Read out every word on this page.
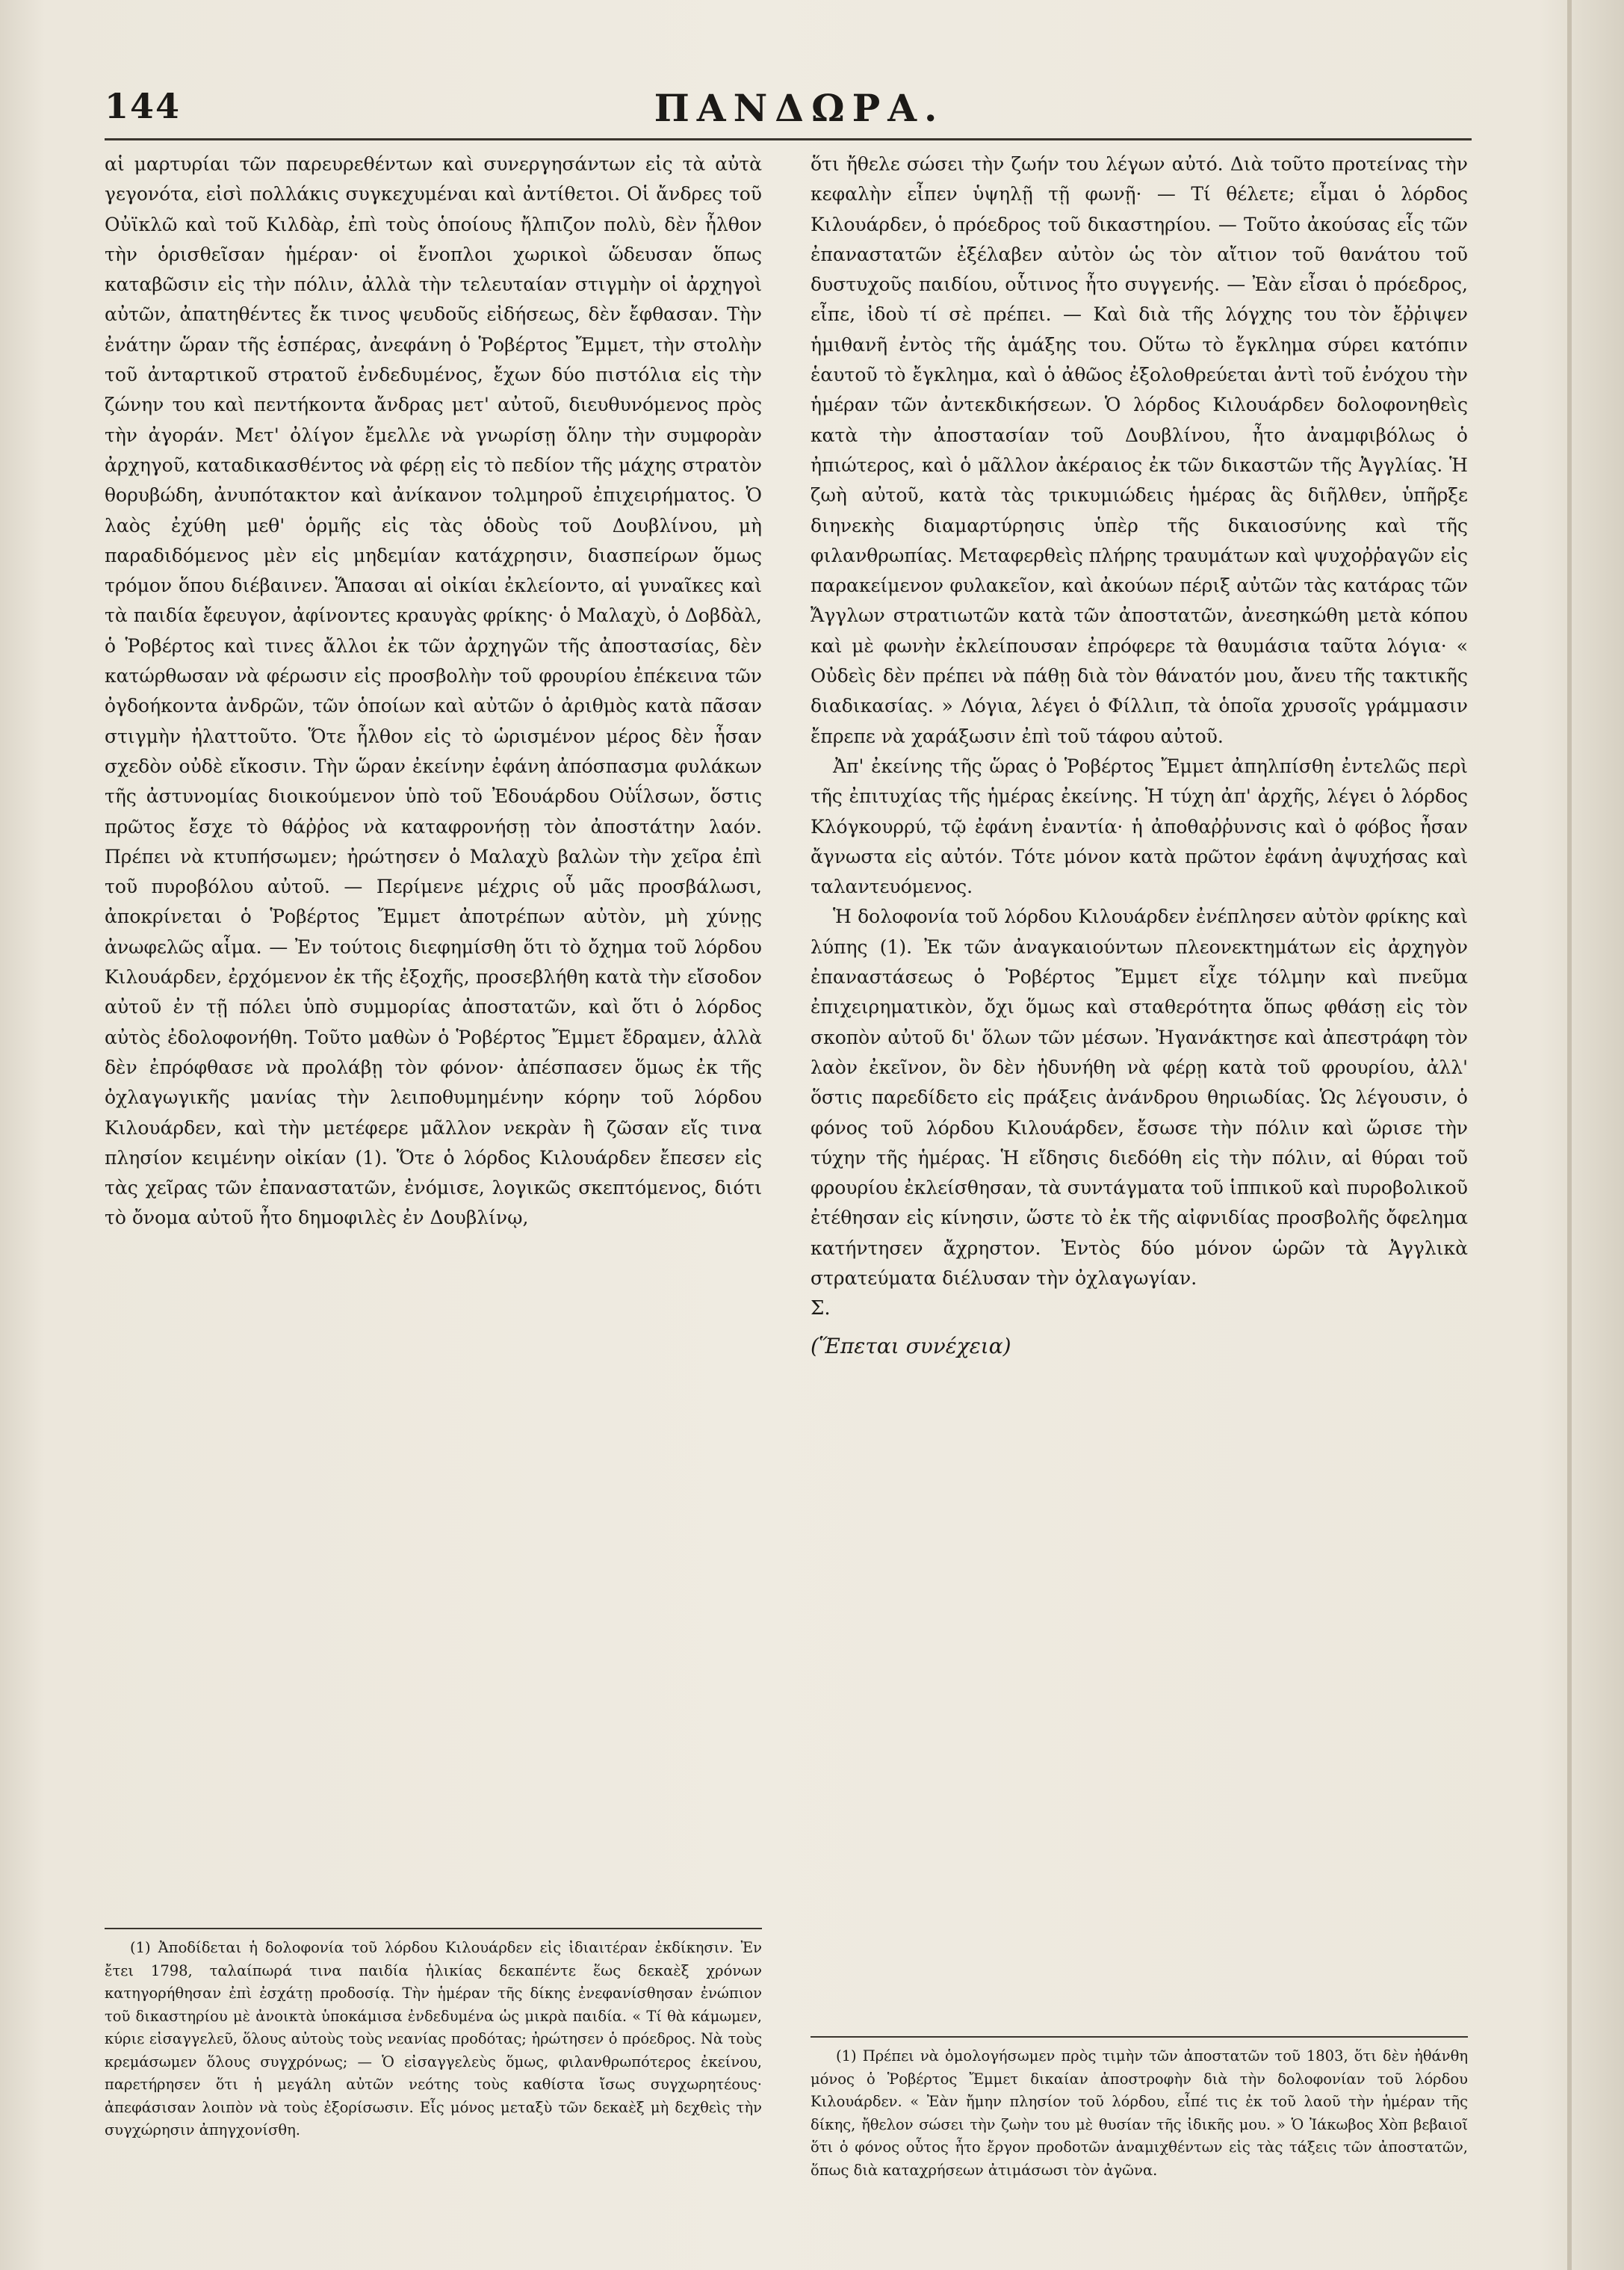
144	ΠΑΝΔΩΡΑ.

αἱ μαρτυρίαι τῶν παρευρεθέντων καὶ συνεργησάντων εἰς τὰ αὐτὰ γεγονότα, εἰσὶ πολλάκις συγκεχυμέναι καὶ ἀντίθετοι. Οἱ ἄνδρες τοῦ Οὐϊκλῶ καὶ τοῦ Κιλδὰρ, ἐπὶ τοὺς ὁποίους ἤλπιζον πολὺ, δὲν ἦλθον τὴν ὁρισθεῖσαν ἡμέραν· οἱ ἔνοπλοι χωρικοὶ ὥδευσαν ὅπως καταβῶσιν εἰς τὴν πόλιν, ἀλλὰ τὴν τελευταίαν στιγμὴν οἱ ἀρχηγοὶ αὐτῶν, ἀπατηθέντες ἔκ τινος ψευδοῦς εἰδήσεως, δὲν ἔφθασαν. Τὴν ἐνάτην ὥραν τῆς ἑσπέρας, ἀνεφάνη ὁ Ῥοβέρτος Ἔμμετ, τὴν στολὴν τοῦ ἀνταρτικοῦ στρατοῦ ἐνδεδυμένος, ἔχων δύο πιστόλια εἰς τὴν ζώνην του καὶ πεντήκοντα ἄνδρας μετ' αὐτοῦ, διευθυνόμενος πρὸς τὴν ἀγοράν. Μετ' ὀλίγον ἔμελλε νὰ γνωρίσῃ ὅλην τὴν συμφορὰν ἀρχηγοῦ, καταδικασθέντος νὰ φέρῃ εἰς τὸ πεδίον τῆς μάχης στρατὸν θορυβώδη, ἀνυπότακτον καὶ ἀνίκανον τολμηροῦ ἐπιχειρήματος. Ὁ λαὸς ἐχύθη μεθ' ὁρμῆς εἰς τὰς ὁδοὺς τοῦ Δουβλίνου, μὴ παραδιδόμενος μὲν εἰς μηδεμίαν κατάχρησιν, διασπείρων ὅμως τρόμον ὅπου διέβαινεν. Ἅπασαι αἱ οἰκίαι ἐκλείοντο, αἱ γυναῖκες καὶ τὰ παιδία ἔφευγον, ἀφίνοντες κραυγὰς φρίκης· ὁ Μαλαχὺ, ὁ Δοβδὰλ, ὁ Ῥοβέρτος καὶ τινες ἄλλοι ἐκ τῶν ἀρχηγῶν τῆς ἀποστασίας, δὲν κατώρθωσαν νὰ φέρωσιν εἰς προσβολὴν τοῦ φρουρίου ἐπέκεινα τῶν ὀγδοήκοντα ἀνδρῶν, τῶν ὁποίων καὶ αὐτῶν ὁ ἀριθμὸς κατὰ πᾶσαν στιγμὴν ἠλαττοῦτο. Ὅτε ἦλθον εἰς τὸ ὡρισμένον μέρος δὲν ἦσαν σχεδὸν οὐδὲ εἴκοσιν. Τὴν ὥραν ἐκείνην ἐφάνη ἀπόσπασμα φυλάκων τῆς ἀστυνομίας διοικούμενον ὑπὸ τοῦ Ἐδουάρδου Οὐΐλσων, ὅστις πρῶτος ἔσχε τὸ θάῤῥος νὰ καταφρονήσῃ τὸν ἀποστάτην λαόν. Πρέπει νὰ κτυπήσωμεν; ἠρώτησεν ὁ Μαλαχὺ βαλὼν τὴν χεῖρα ἐπὶ τοῦ πυροβόλου αὐτοῦ. — Περίμενε μέχρις οὗ μᾶς προσβάλωσι, ἀποκρίνεται ὁ Ῥοβέρτος Ἔμμετ ἀποτρέπων αὐτὸν, μὴ χύνῃς ἀνωφελῶς αἷμα. — Ἐν τούτοις διεφημίσθη ὅτι τὸ ὄχημα τοῦ λόρδου Κιλουάρδεν, ἐρχόμενον ἐκ τῆς ἐξοχῆς, προσεβλήθη κατὰ τὴν εἴσοδον αὐτοῦ ἐν τῇ πόλει ὑπὸ συμμορίας ἀποστατῶν, καὶ ὅτι ὁ λόρδος αὐτὸς ἐδολοφονήθη. Τοῦτο μαθὼν ὁ Ῥοβέρτος Ἔμμετ ἔδραμεν, ἀλλὰ δὲν ἐπρόφθασε νὰ προλάβῃ τὸν φόνον· ἀπέσπασεν ὅμως ἐκ τῆς ὀχλαγωγικῆς μανίας τὴν λειποθυμημένην κόρην τοῦ λόρδου Κιλουάρδεν, καὶ τὴν μετέφερε μᾶλλον νεκρὰν ἢ ζῶσαν εἴς τινα πλησίον κειμένην οἰκίαν (1). Ὅτε ὁ λόρδος Κιλουάρδεν ἔπεσεν εἰς τὰς χεῖρας τῶν ἐπαναστατῶν, ἐνόμισε, λογικῶς σκεπτόμενος, διότι τὸ ὄνομα αὐτοῦ ἦτο δημοφιλὲς ἐν Δουβλίνῳ,

(1) Ἀποδίδεται ἡ δολοφονία τοῦ λόρδου Κιλουάρδεν εἰς ἰδιαιτέραν ἐκδίκησιν. Ἐν ἔτει 1798, ταλαίπωρά τινα παιδία ἡλικίας δεκαπέντε ἕως δεκαὲξ χρόνων κατηγορήθησαν ἐπὶ ἐσχάτῃ προδοσίᾳ. Τὴν ἡμέραν τῆς δίκης ἐνεφανίσθησαν ἐνώπιον τοῦ δικαστηρίου μὲ ἀνοικτὰ ὑποκάμισα ἐνδεδυμένα ὡς μικρὰ παιδία. « Τί θὰ κάμωμεν, κύριε εἰσαγγελεῦ, ὅλους αὐτοὺς τοὺς νεανίας προδότας; ἠρώτησεν ὁ πρόεδρος. Νὰ τοὺς κρεμάσωμεν ὅλους συγχρόνως; — Ὁ εἰσαγγελεὺς ὅμως, φιλανθρωπότερος ἐκείνου, παρετήρησεν ὅτι ἡ μεγάλη αὐτῶν νεότης τοὺς καθίστα ἴσως συγχωρητέους· ἀπεφάσισαν λοιπὸν νὰ τοὺς ἐξορίσωσιν. Εἷς μόνος μεταξὺ τῶν δεκαὲξ μὴ δεχθεὶς τὴν συγχώρησιν ἀπηγχονίσθη.

ὅτι ἤθελε σώσει τὴν ζωήν του λέγων αὐτό. Διὰ τοῦτο προτείνας τὴν κεφαλὴν εἶπεν ὑψηλῇ τῇ φωνῇ· — Τί θέλετε; εἶμαι ὁ λόρδος Κιλουάρδεν, ὁ πρόεδρος τοῦ δικαστηρίου. — Τοῦτο ἀκούσας εἷς τῶν ἐπαναστατῶν ἐξέλαβεν αὐτὸν ὡς τὸν αἴτιον τοῦ θανάτου τοῦ δυστυχοῦς παιδίου, οὗτινος ἦτο συγγενής. — Ἐὰν εἶσαι ὁ πρόεδρος, εἶπε, ἰδοὺ τί σὲ πρέπει. — Καὶ διὰ τῆς λόγχης του τὸν ἔῤῥιψεν ἡμιθανῆ ἐντὸς τῆς ἁμάξης του. Οὕτω τὸ ἔγκλημα σύρει κατόπιν ἑαυτοῦ τὸ ἔγκλημα, καὶ ὁ ἀθῶος ἐξολοθρεύεται ἀντὶ τοῦ ἐνόχου τὴν ἡμέραν τῶν ἀντεκδικήσεων. Ὁ λόρδος Κιλουάρδεν δολοφονηθεὶς κατὰ τὴν ἀποστασίαν τοῦ Δουβλίνου, ἦτο ἀναμφιβόλως ὁ ἠπιώτερος, καὶ ὁ μᾶλλον ἀκέραιος ἐκ τῶν δικαστῶν τῆς Ἀγγλίας. Ἡ ζωὴ αὐτοῦ, κατὰ τὰς τρικυμιώδεις ἡμέρας ἃς διῆλθεν, ὑπῆρξε διηνεκὴς διαμαρτύρησις ὑπὲρ τῆς δικαιοσύνης καὶ τῆς φιλανθρωπίας. Μεταφερθεὶς πλήρης τραυμάτων καὶ ψυχοῤῥαγῶν εἰς παρακείμενον φυλακεῖον, καὶ ἀκούων πέριξ αὐτῶν τὰς κατάρας τῶν Ἄγγλων στρατιωτῶν κατὰ τῶν ἀποστατῶν, ἀνεσηκώθη μετὰ κόπου καὶ μὲ φωνὴν ἐκλείπουσαν ἐπρόφερε τὰ θαυμάσια ταῦτα λόγια· « Οὐδεὶς δὲν πρέπει νὰ πάθῃ διὰ τὸν θάνατόν μου, ἄνευ τῆς τακτικῆς διαδικασίας. » Λόγια, λέγει ὁ Φίλλιπ, τὰ ὁποῖα χρυσοῖς γράμμασιν ἔπρεπε νὰ χαράξωσιν ἐπὶ τοῦ τάφου αὐτοῦ.

Ἀπ' ἐκείνης τῆς ὥρας ὁ Ῥοβέρτος Ἔμμετ ἀπηλπίσθη ἐντελῶς περὶ τῆς ἐπιτυχίας τῆς ἡμέρας ἐκείνης. Ἡ τύχη ἀπ' ἀρχῆς, λέγει ὁ λόρδος Κλόγκουρρύ, τῷ ἐφάνη ἐναντία· ἡ ἀποθαῤῥυνσις καὶ ὁ φόβος ἦσαν ἄγνωστα εἰς αὐτόν. Τότε μόνον κατὰ πρῶτον ἐφάνη ἀψυχήσας καὶ ταλαντευόμενος.

Ἡ δολοφονία τοῦ λόρδου Κιλουάρδεν ἐνέπλησεν αὐτὸν φρίκης καὶ λύπης (1). Ἐκ τῶν ἀναγκαιούντων πλεονεκτημάτων εἰς ἀρχηγὸν ἐπαναστάσεως ὁ Ῥοβέρτος Ἔμμετ εἶχε τόλμην καὶ πνεῦμα ἐπιχειρηματικὸν, ὄχι ὅμως καὶ σταθερότητα ὅπως φθάσῃ εἰς τὸν σκοπὸν αὐτοῦ δι' ὅλων τῶν μέσων. Ἠγανάκτησε καὶ ἀπεστράφη τὸν λαὸν ἐκεῖνον, ὃν δὲν ἠδυνήθη νὰ φέρῃ κατὰ τοῦ φρουρίου, ἀλλ' ὅστις παρεδίδετο εἰς πράξεις ἀνάνδρου θηριωδίας. Ὡς λέγουσιν, ὁ φόνος τοῦ λόρδου Κιλουάρδεν, ἔσωσε τὴν πόλιν καὶ ὥρισε τὴν τύχην τῆς ἡμέρας. Ἡ εἴδησις διεδόθη εἰς τὴν πόλιν, αἱ θύραι τοῦ φρουρίου ἐκλείσθησαν, τὰ συντάγματα τοῦ ἱππικοῦ καὶ πυροβολικοῦ ἐτέθησαν εἰς κίνησιν, ὥστε τὸ ἐκ τῆς αἰφνιδίας προσβολῆς ὄφελημα κατήντησεν ἄχρηστον. Ἐντὸς δύο μόνον ὡρῶν τὰ Ἀγγλικὰ στρατεύματα διέλυσαν τὴν ὀχλαγωγίαν.

Σ.
(Ἕπεται συνέχεια)

(1) Πρέπει νὰ ὁμολογήσωμεν πρὸς τιμὴν τῶν ἀποστατῶν τοῦ 1803, ὅτι δὲν ἠθάνθη μόνος ὁ Ῥοβέρτος Ἔμμετ δικαίαν ἀποστροφὴν διὰ τὴν δολοφονίαν τοῦ λόρδου Κιλουάρδεν. « Ἐὰν ἤμην πλησίον τοῦ λόρδου, εἶπέ τις ἐκ τοῦ λαοῦ τὴν ἡμέραν τῆς δίκης, ἤθελον σώσει τὴν ζωὴν του μὲ θυσίαν τῆς ἰδικῆς μου. » Ὁ Ἰάκωβος Χὸπ βεβαιοῖ ὅτι ὁ φόνος οὗτος ἦτο ἔργον προδοτῶν ἀναμιχθέντων εἰς τὰς τάξεις τῶν ἀποστατῶν, ὅπως διὰ καταχρήσεων ἀτιμάσωσι τὸν ἀγῶνα.
